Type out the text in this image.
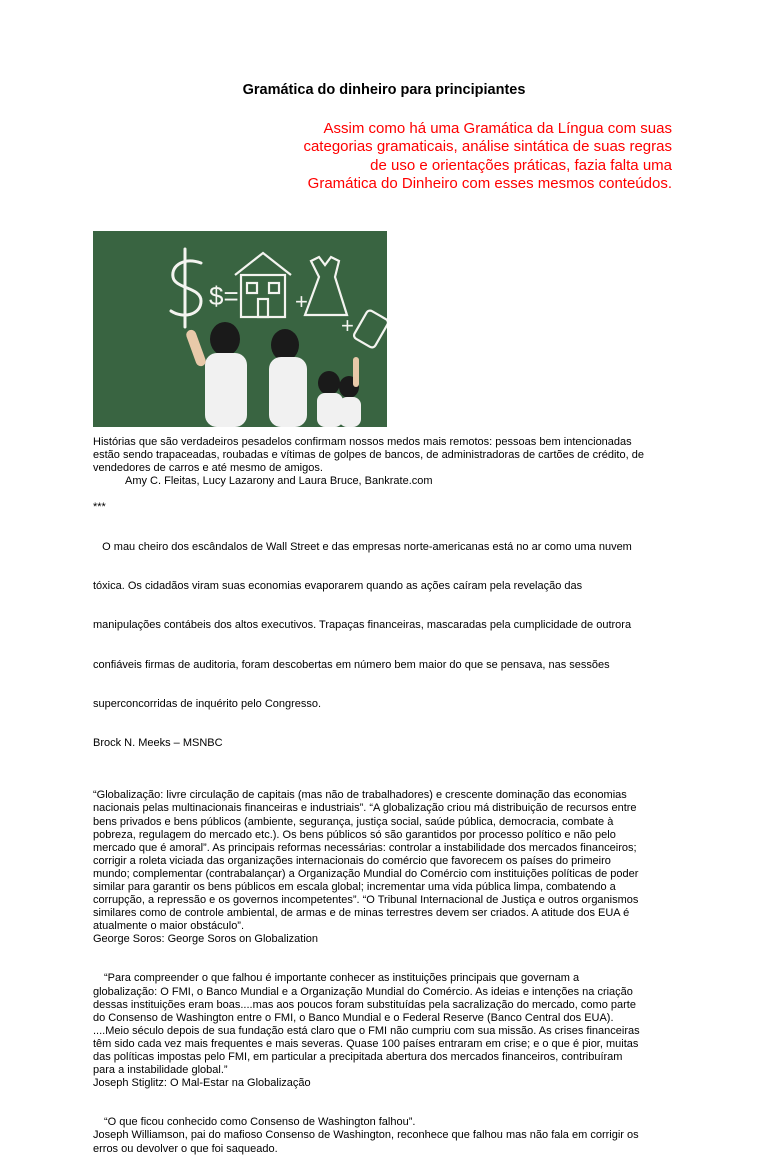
Gramática do dinheiro para principiantes
Assim como há uma Gramática da Língua com suas
categorias gramaticais, análise sintática de suas regras
de uso e orientações práticas, fazia falta uma
Gramática do Dinheiro com esses mesmos conteúdos.
$=	+
+

Histórias que são verdadeiros pesadelos confirmam nossos medos mais remotos: pessoas bem intencionadas

estão sendo trapaceadas, roubadas e vítimas de golpes de bancos, de administradoras de cartões de crédito, de

vendedores de carros e até mesmo de amigos.

Amy C. Fleitas, Lucy Lazarony and Laura Bruce, Bankrate.com

***

O mau cheiro dos escândalos de Wall Street e das empresas norte-americanas está no ar como uma nuvem

tóxica. Os cidadãos viram suas economias evaporarem quando as ações caíram pela revelação das

manipulações contábeis dos altos executivos. Trapaças financeiras, mascaradas pela cumplicidade de outrora

confiáveis firmas de auditoria, foram descobertas em número bem maior do que se pensava, nas sessões

superconcorridas de inquérito pelo Congresso.

Brock N. Meeks – MSNBC

“Globalização: livre circulação de capitais (mas não de trabalhadores) e crescente dominação das economias

nacionais pelas multinacionais financeiras e industriais”. “A globalização criou má distribuição de recursos entre

bens privados e bens públicos (ambiente, segurança, justiça social, saúde pública, democracia, combate à

pobreza, regulagem do mercado etc.). Os bens públicos só são garantidos por processo político e não pelo

mercado que é amoral”. As principais reformas necessárias: controlar a instabilidade dos mercados financeiros;

corrigir a roleta viciada das organizações internacionais do comércio que favorecem os países do primeiro

mundo; complementar (contrabalançar) a Organização Mundial do Comércio com instituições políticas de poder

similar para garantir os bens públicos em escala global; incrementar uma vida pública limpa, combatendo a

corrupção, a repressão e os governos incompetentes”. “O Tribunal Internacional de Justiça e outros organismos

similares como de controle ambiental, de armas e de minas terrestres devem ser criados. A atitude dos EUA é

atualmente o maior obstáculo”.

George Soros: George Soros on Globalization

“Para compreender o que falhou é importante conhecer as instituições principais que governam a

globalização: O FMI, o Banco Mundial e a Organização Mundial do Comércio. As ideias e intenções na criação

dessas instituições eram boas....mas aos poucos foram substituídas pela sacralização do mercado, como parte

do Consenso de Washington entre o FMI, o Banco Mundial e o Federal Reserve (Banco Central dos EUA).

....Meio século depois de sua fundação está claro que o FMI não cumpriu com sua missão. As crises financeiras

têm sido cada vez mais frequentes e mais severas. Quase 100 países entraram em crise; e o que é pior, muitas

das políticas impostas pelo FMI, em particular a precipitada abertura dos mercados financeiros, contribuíram

para a instabilidade global.”

Joseph Stiglitz: O Mal-Estar na Globalização

“O que ficou conhecido como Consenso de Washington falhou”.

Joseph Williamson, pai do mafioso Consenso de Washington, reconhece que falhou mas não fala em corrigir os

erros ou devolver o que foi saqueado.
